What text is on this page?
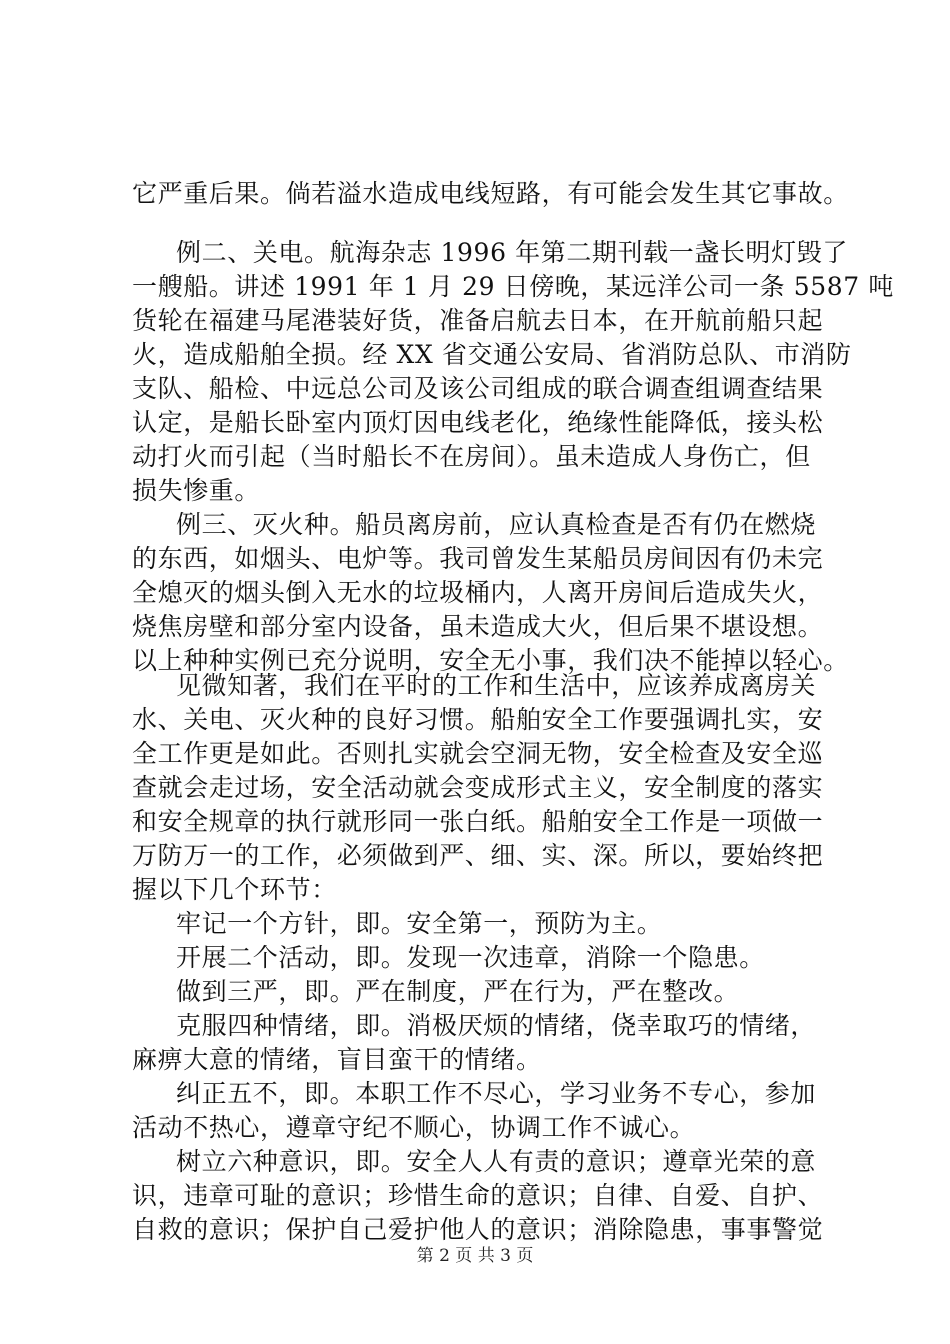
它严重后果。倘若溢水造成电线短路，有可能会发生其它事故。
例二、关电。航海杂志 1996 年第二期刊载一盏长明灯毁了
一艘船。讲述 1991 年 1 月 29 日傍晚，某远洋公司一条 5587 吨
货轮在福建马尾港装好货，准备启航去日本，在开航前船只起
火，造成船舶全损。经 XX 省交通公安局、省消防总队、市消防
支队、船检、中远总公司及该公司组成的联合调查组调查结果
认定，是船长卧室内顶灯因电线老化，绝缘性能降低，接头松
动打火而引起（当时船长不在房间）。虽未造成人身伤亡，但
损失惨重。
例三、灭火种。船员离房前，应认真检查是否有仍在燃烧
的东西，如烟头、电炉等。我司曾发生某船员房间因有仍未完
全熄灭的烟头倒入无水的垃圾桶内，人离开房间后造成失火，
烧焦房壁和部分室内设备，虽未造成大火，但后果不堪设想。
以上种种实例已充分说明，安全无小事，我们决不能掉以轻心。
见微知著，我们在平时的工作和生活中，应该养成离房关
水、关电、灭火种的良好习惯。船舶安全工作要强调扎实，安
全工作更是如此。否则扎实就会空洞无物，安全检查及安全巡
查就会走过场，安全活动就会变成形式主义，安全制度的落实
和安全规章的执行就形同一张白纸。船舶安全工作是一项做一
万防万一的工作，必须做到严、细、实、深。所以，要始终把
握以下几个环节：
牢记一个方针，即。安全第一，预防为主。
开展二个活动，即。发现一次违章，消除一个隐患。
做到三严，即。严在制度，严在行为，严在整改。
克服四种情绪，即。消极厌烦的情绪，侥幸取巧的情绪，
麻痹大意的情绪，盲目蛮干的情绪。
纠正五不，即。本职工作不尽心，学习业务不专心，参加
活动不热心，遵章守纪不顺心，协调工作不诚心。
树立六种意识，即。安全人人有责的意识；遵章光荣的意
识，违章可耻的意识；珍惜生命的意识；自律、自爱、自护、
自救的意识；保护自己爱护他人的意识；消除隐患，事事警觉
第 2 页 共 3 页
